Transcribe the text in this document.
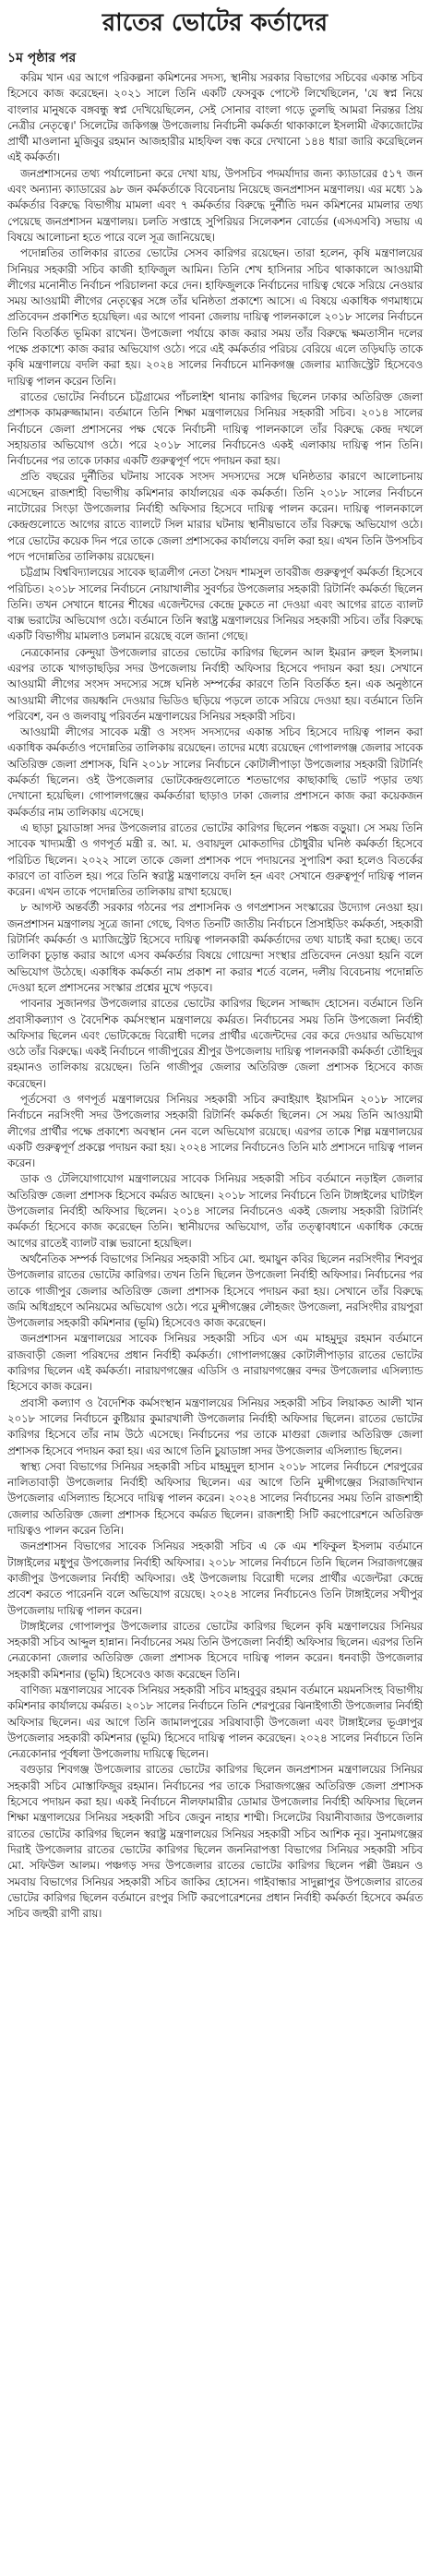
রাতের ভোটের কর্তাদের
১ম পৃষ্ঠার পর

করিম খান এর আগে পরিকল্পনা কমিশনের সদস্য, স্থানীয় সরকার বিভাগের সচিবের একান্ত সচিব হিসেবে কাজ করেছেন। ২০২১ সালে তিনি একটি ফেসবুক পোস্টে লিখেছিলেন, 'যে স্বপ্ন নিয়ে বাংলার মানুষকে বঙ্গবন্ধু স্বপ্ন দেখিয়েছিলেন, সেই সোনার বাংলা গড়ে তুলছি আমরা নিরন্তর প্রিয় নেত্রীর নেতৃত্বে।' সিলেটের জকিগঞ্জ উপজেলায় নির্বাচনী কর্মকর্তা থাকাকালে ইসলামী ঐক্যজোটের প্রার্থী মাওলানা মুজিবুর রহমান আজহারীর মাহফিল বন্ধ করে দেখানো ১৪৪ ধারা জারি করেছিলেন এই কর্মকর্তা।

জনপ্রশাসনের তথ্য পর্যালোচনা করে দেখা যায়, উপসচিব পদমর্যাদার জন্য ক্যাডারের ৫১৭ জন এবং অন্যান্য ক্যাডারের ৯৮ জন কর্মকর্তাকে বিবেচনায় নিয়েছে জনপ্রশাসন মন্ত্রণালয়। এর মধ্যে ১৯ কর্মকর্তার বিরুদ্ধে বিভাগীয় মামলা এবং ৭ কর্মকর্তার বিরুদ্ধে দুর্নীতি দমন কমিশনের মামলার তথ্য পেয়েছে জনপ্রশাসন মন্ত্রণালয়। চলতি সপ্তাহে সুপিরিয়র সিলেকশন বোর্ডের (এসএসবি) সভায় এ বিষয়ে আলোচনা হতে পারে বলে সূত্র জানিয়েছে।

পদোন্নতির তালিকার রাতের ভোটের সেসব কারিগর রয়েছেন। তারা হলেন, কৃষি মন্ত্রণালয়ের সিনিয়র সহকারী সচিব কাজী হাফিজুল আমিন। তিনি শেখ হাসিনার সচিব থাকাকালে আওয়ামী লীগের মনোনীত নির্বাচন পরিচালনা করে দেন। হাফিজুলকে নির্বাচনের দায়িত্ব থেকে সরিয়ে নেওয়ার সময় আওয়ামী লীগের নেতৃত্বের সঙ্গে তাঁর ঘনিষ্ঠতা প্রকাশ্যে আসে। এ বিষয়ে একাধিক গণমাধ্যমে প্রতিবেদন প্রকাশিত হয়েছিল। এর আগে পাবনা জেলায় দায়িত্ব পালনকালে ২০১৮ সালের নির্বাচনে তিনি বিতর্কিত ভূমিকা রাখেন। উপজেলা পর্যায়ে কাজ করার সময় তাঁর বিরুদ্ধে ক্ষমতাসীন দলের পক্ষে প্রকাশ্যে কাজ করার অভিযোগ ওঠে। পরে এই কর্মকর্তার পরিচয় বেরিয়ে এলে তড়িঘড়ি তাকে কৃষি মন্ত্রণালয়ে বদলি করা হয়। ২০২৪ সালের নির্বাচনে মানিকগঞ্জ জেলার ম্যাজিস্ট্রেট হিসেবেও দায়িত্ব পালন করেন তিনি।

রাতের ভোটের নির্বাচনে চট্টগ্রামের পাঁচলাইশ থানায় কারিগর ছিলেন ঢাকার অতিরিক্ত জেলা প্রশাসক কামরুজ্জামান। বর্তমানে তিনি শিক্ষা মন্ত্রণালয়ের সিনিয়র সহকারী সচিব। ২০১৪ সালের নির্বাচনে জেলা প্রশাসনের পক্ষ থেকে নির্বাচনী দায়িত্ব পালনকালে তাঁর বিরুদ্ধে কেন্দ্র দখলে সহায়তার অভিযোগ ওঠে। পরে ২০১৮ সালের নির্বাচনেও একই এলাকায় দায়িত্ব পান তিনি। নির্বাচনের পর তাকে ঢাকার একটি গুরুত্বপূর্ণ পদে পদায়ন করা হয়।

প্রতি বছরের দুর্নীতির ঘটনায় সাবেক সংসদ সদস্যদের সঙ্গে ঘনিষ্ঠতার কারণে আলোচনায় এসেছেন রাজশাহী বিভাগীয় কমিশনার কার্যালয়ের এক কর্মকর্তা। তিনি ২০১৮ সালের নির্বাচনে নাটোরের সিংড়া উপজেলার নির্বাহী অফিসার হিসেবে দায়িত্ব পালন করেন। দায়িত্ব পালনকালে কেন্দ্রগুলোতে আগের রাতে ব্যালটে সিল মারার ঘটনায় স্থানীয়ভাবে তাঁর বিরুদ্ধে অভিযোগ ওঠে। পরে ভোটের কয়েক দিন পরে তাকে জেলা প্রশাসকের কার্যালয়ে বদলি করা হয়। এখন তিনি উপসচিব পদে পদোন্নতির তালিকায় রয়েছেন।

চট্টগ্রাম বিশ্ববিদ্যালয়ের সাবেক ছাত্রলীগ নেতা সৈয়দ শামসুল তাবরীজ গুরুত্বপূর্ণ কর্মকর্তা হিসেবে পরিচিত। ২০১৮ সালের নির্বাচনে নোয়াখালীর সুবর্ণচর উপজেলার সহকারী রিটার্নিং কর্মকর্তা ছিলেন তিনি। তখন সেখানে ধানের শীষের এজেন্টদের কেন্দ্রে ঢুকতে না দেওয়া এবং আগের রাতে ব্যালট বাক্স ভরাটের অভিযোগ ওঠে। বর্তমানে তিনি স্বরাষ্ট্র মন্ত্রণালয়ের সিনিয়র সহকারী সচিব। তাঁর বিরুদ্ধে একটি বিভাগীয় মামলাও চলমান রয়েছে বলে জানা গেছে।

নেত্রকোনার কেন্দুয়া উপজেলার রাতের ভোটের কারিগর ছিলেন আল ইমরান রুহুল ইসলাম। এরপর তাকে খাগড়াছড়ির সদর উপজেলায় নির্বাহী অফিসার হিসেবে পদায়ন করা হয়। সেখানে আওয়ামী লীগের সংসদ সদস্যের সঙ্গে ঘনিষ্ঠ সম্পর্কের কারণে তিনি বিতর্কিত হন। এক অনুষ্ঠানে আওয়ামী লীগের জয়ধ্বনি দেওয়ার ভিডিও ছড়িয়ে পড়লে তাকে সরিয়ে দেওয়া হয়। বর্তমানে তিনি পরিবেশ, বন ও জলবায়ু পরিবর্তন মন্ত্রণালয়ের সিনিয়র সহকারী সচিব।

আওয়ামী লীগের সাবেক মন্ত্রী ও সংসদ সদস্যদের একান্ত সচিব হিসেবে দায়িত্ব পালন করা একাধিক কর্মকর্তাও পদোন্নতির তালিকায় রয়েছেন। তাদের মধ্যে রয়েছেন গোপালগঞ্জ জেলার সাবেক অতিরিক্ত জেলা প্রশাসক, যিনি ২০১৮ সালের নির্বাচনে কোটালীপাড়া উপজেলার সহকারী রিটার্নিং কর্মকর্তা ছিলেন। ওই উপজেলার ভোটকেন্দ্রগুলোতে শতভাগের কাছাকাছি ভোট পড়ার তথ্য দেখানো হয়েছিল। গোপালগঞ্জের কর্মকর্তারা ছাড়াও ঢাকা জেলার প্রশাসনে কাজ করা কয়েকজন কর্মকর্তার নাম তালিকায় এসেছে।

এ ছাড়া চুয়াডাঙ্গা সদর উপজেলার রাতের ভোটের কারিগর ছিলেন পঙ্কজ বড়ুয়া। সে সময় তিনি সাবেক খাদ্যমন্ত্রী ও গণপূর্ত মন্ত্রী র. আ. ম. ওবায়দুল মোকতাদির চৌধুরীর ঘনিষ্ঠ কর্মকর্তা হিসেবে পরিচিত ছিলেন। ২০২২ সালে তাকে জেলা প্রশাসক পদে পদায়নের সুপারিশ করা হলেও বিতর্কের কারণে তা বাতিল হয়। পরে তিনি স্বরাষ্ট্র মন্ত্রণালয়ে বদলি হন এবং সেখানে গুরুত্বপূর্ণ দায়িত্ব পালন করেন। এখন তাকে পদোন্নতির তালিকায় রাখা হয়েছে।

৮ আগস্ট অন্তর্বর্তী সরকার গঠনের পর প্রশাসনিক ও গণপ্রশাসন সংস্কারের উদ্যোগ নেওয়া হয়। জনপ্রশাসন মন্ত্রণালয় সূত্রে জানা গেছে, বিগত তিনটি জাতীয় নির্বাচনে প্রিসাইডিং কর্মকর্তা, সহকারী রিটার্নিং কর্মকর্তা ও ম্যাজিস্ট্রেট হিসেবে দায়িত্ব পালনকারী কর্মকর্তাদের তথ্য যাচাই করা হচ্ছে। তবে তালিকা চূড়ান্ত করার আগে এসব কর্মকর্তার বিষয়ে গোয়েন্দা সংস্থার প্রতিবেদন নেওয়া হয়নি বলে অভিযোগ উঠেছে। একাধিক কর্মকর্তা নাম প্রকাশ না করার শর্তে বলেন, দলীয় বিবেচনায় পদোন্নতি দেওয়া হলে প্রশাসনের সংস্কার প্রশ্নের মুখে পড়বে।

পাবনার সুজানগর উপজেলার রাতের ভোটের কারিগর ছিলেন সাজ্জাদ হোসেন। বর্তমানে তিনি প্রবাসীকল্যাণ ও বৈদেশিক কর্মসংস্থান মন্ত্রণালয়ে কর্মরত। নির্বাচনের সময় তিনি উপজেলা নির্বাহী অফিসার ছিলেন এবং ভোটকেন্দ্রে বিরোধী দলের প্রার্থীর এজেন্টদের বের করে দেওয়ার অভিযোগ ওঠে তাঁর বিরুদ্ধে। একই নির্বাচনে গাজীপুরের শ্রীপুর উপজেলায় দায়িত্ব পালনকারী কর্মকর্তা তৌহিদুর রহমানও তালিকায় রয়েছেন। তিনি গাজীপুর জেলার অতিরিক্ত জেলা প্রশাসক হিসেবে কাজ করেছেন।

পূর্তসেবা ও গণপূর্ত মন্ত্রণালয়ের সিনিয়র সহকারী সচিব রুবাইয়াৎ ইয়াসমিন ২০১৮ সালের নির্বাচনে নরসিংদী সদর উপজেলার সহকারী রিটার্নিং কর্মকর্তা ছিলেন। সে সময় তিনি আওয়ামী লীগের প্রার্থীর পক্ষে প্রকাশ্যে অবস্থান নেন বলে অভিযোগ রয়েছে। এরপর তাকে শিল্প মন্ত্রণালয়ের একটি গুরুত্বপূর্ণ প্রকল্পে পদায়ন করা হয়। ২০২৪ সালের নির্বাচনেও তিনি মাঠ প্রশাসনে দায়িত্ব পালন করেন।

ডাক ও টেলিযোগাযোগ মন্ত্রণালয়ের সাবেক সিনিয়র সহকারী সচিব বর্তমানে নড়াইল জেলার অতিরিক্ত জেলা প্রশাসক হিসেবে কর্মরত আছেন। ২০১৮ সালের নির্বাচনে তিনি টাঙ্গাইলের ঘাটাইল উপজেলার নির্বাহী অফিসার ছিলেন। ২০১৪ সালের নির্বাচনেও একই জেলায় সহকারী রিটার্নিং কর্মকর্তা হিসেবে কাজ করেছেন তিনি। স্থানীয়দের অভিযোগ, তাঁর তত্ত্বাবধানে একাধিক কেন্দ্রে আগের রাতেই ব্যালট বাক্স ভরানো হয়েছিল।

অর্থনৈতিক সম্পর্ক বিভাগের সিনিয়র সহকারী সচিব মো. হুমায়ুন কবির ছিলেন নরসিংদীর শিবপুর উপজেলার রাতের ভোটের কারিগর। তখন তিনি ছিলেন উপজেলা নির্বাহী অফিসার। নির্বাচনের পর তাকে গাজীপুর জেলার অতিরিক্ত জেলা প্রশাসক হিসেবে পদায়ন করা হয়। সেখানে তাঁর বিরুদ্ধে জমি অধিগ্রহণে অনিয়মের অভিযোগ ওঠে। পরে মুন্সীগঞ্জের লৌহজং উপজেলা, নরসিংদীর রায়পুরা উপজেলার সহকারী কমিশনার (ভূমি) হিসেবেও কাজ করেছেন।

জনপ্রশাসন মন্ত্রণালয়ের সাবেক সিনিয়র সহকারী সচিব এস এম মাহমুদুর রহমান বর্তমানে রাজবাড়ী জেলা পরিষদের প্রধান নির্বাহী কর্মকর্তা। গোপালগঞ্জের কোটালীপাড়ার রাতের ভোটের কারিগর ছিলেন এই কর্মকর্তা। নারায়ণগঞ্জের এডিসি ও নারায়ণগঞ্জের বন্দর উপজেলার এসিল্যান্ড হিসেবে কাজ করেন।

প্রবাসী কল্যাণ ও বৈদেশিক কর্মসংস্থান মন্ত্রণালয়ের সিনিয়র সহকারী সচিব লিয়াকত আলী খান ২০১৮ সালের নির্বাচনে কুষ্টিয়ার কুমারখালী উপজেলার নির্বাহী অফিসার ছিলেন। রাতের ভোটের কারিগর হিসেবে তাঁর নাম উঠে এসেছে। নির্বাচনের পর তাকে মাগুরা জেলার অতিরিক্ত জেলা প্রশাসক হিসেবে পদায়ন করা হয়। এর আগে তিনি চুয়াডাঙ্গা সদর উপজেলার এসিল্যান্ড ছিলেন।

স্বাস্থ্য সেবা বিভাগের সিনিয়র সহকারী সচিব মাহমুদুল হাসান ২০১৮ সালের নির্বাচনে শেরপুরের নালিতাবাড়ী উপজেলার নির্বাহী অফিসার ছিলেন। এর আগে তিনি মুন্সীগঞ্জের সিরাজদিখান উপজেলার এসিল্যান্ড হিসেবে দায়িত্ব পালন করেন। ২০২৪ সালের নির্বাচনের সময় তিনি রাজশাহী জেলার অতিরিক্ত জেলা প্রশাসক হিসেবে কর্মরত ছিলেন। রাজশাহী সিটি করপোরেশনে অতিরিক্ত দায়িত্বও পালন করেন তিনি।

জনপ্রশাসন বিভাগের সাবেক সিনিয়র সহকারী সচিব এ কে এম শফিকুল ইসলাম বর্তমানে টাঙ্গাইলের মধুপুর উপজেলার নির্বাহী অফিসার। ২০১৮ সালের নির্বাচনে তিনি ছিলেন সিরাজগঞ্জের কাজীপুর উপজেলার নির্বাহী অফিসার। ওই উপজেলায় বিরোধী দলের প্রার্থীর এজেন্টরা কেন্দ্রে প্রবেশ করতে পারেননি বলে অভিযোগ রয়েছে। ২০২৪ সালের নির্বাচনেও তিনি টাঙ্গাইলের সখীপুর উপজেলায় দায়িত্ব পালন করেন।

টাঙ্গাইলের গোপালপুর উপজেলার রাতের ভোটের কারিগর ছিলেন কৃষি মন্ত্রণালয়ের সিনিয়র সহকারী সচিব আব্দুল হান্নান। নির্বাচনের সময় তিনি উপজেলা নির্বাহী অফিসার ছিলেন। এরপর তিনি নেত্রকোনা জেলার অতিরিক্ত জেলা প্রশাসক হিসেবে দায়িত্ব পালন করেন। ধনবাড়ী উপজেলার সহকারী কমিশনার (ভূমি) হিসেবেও কাজ করেছেন তিনি।

বাণিজ্য মন্ত্রণালয়ের সাবেক সিনিয়র সহকারী সচিব মাহবুবুর রহমান বর্তমানে ময়মনসিংহ বিভাগীয় কমিশনার কার্যালয়ে কর্মরত। ২০১৮ সালের নির্বাচনে তিনি শেরপুরের ঝিনাইগাতী উপজেলার নির্বাহী অফিসার ছিলেন। এর আগে তিনি জামালপুরের সরিষাবাড়ী উপজেলা এবং টাঙ্গাইলের ভূঞাপুর উপজেলার সহকারী কমিশনার (ভূমি) হিসেবে দায়িত্ব পালন করেছেন। ২০২৪ সালের নির্বাচনে তিনি নেত্রকোনার পূর্বধলা উপজেলায় দায়িত্বে ছিলেন।

বগুড়ার শিবগঞ্জ উপজেলার রাতের ভোটের কারিগর ছিলেন জনপ্রশাসন মন্ত্রণালয়ের সিনিয়র সহকারী সচিব মোস্তাফিজুর রহমান। নির্বাচনের পর তাকে সিরাজগঞ্জের অতিরিক্ত জেলা প্রশাসক হিসেবে পদায়ন করা হয়। একই নির্বাচনে নীলফামারীর ডোমার উপজেলার নির্বাহী অফিসার ছিলেন শিক্ষা মন্ত্রণালয়ের সিনিয়র সহকারী সচিব জেবুন নাহার শাম্মী। সিলেটের বিয়ানীবাজার উপজেলার রাতের ভোটের কারিগর ছিলেন স্বরাষ্ট্র মন্ত্রণালয়ের সিনিয়র সহকারী সচিব আশিক নূর। সুনামগঞ্জের দিরাই উপজেলার রাতের ভোটের কারিগর ছিলেন জননিরাপত্তা বিভাগের সিনিয়র সহকারী সচিব মো. সফিউল আলম। পঞ্চগড় সদর উপজেলার রাতের ভোটের কারিগর ছিলেন পল্লী উন্নয়ন ও সমবায় বিভাগের সিনিয়র সহকারী সচিব জাকির হোসেন। গাইবান্ধার সাদুল্লাপুর উপজেলার রাতের ভোটের কারিগর ছিলেন বর্তমানে রংপুর সিটি করপোরেশনের প্রধান নির্বাহী কর্মকর্তা হিসেবে কর্মরত সচিব জহুরী রাণী রায়।
